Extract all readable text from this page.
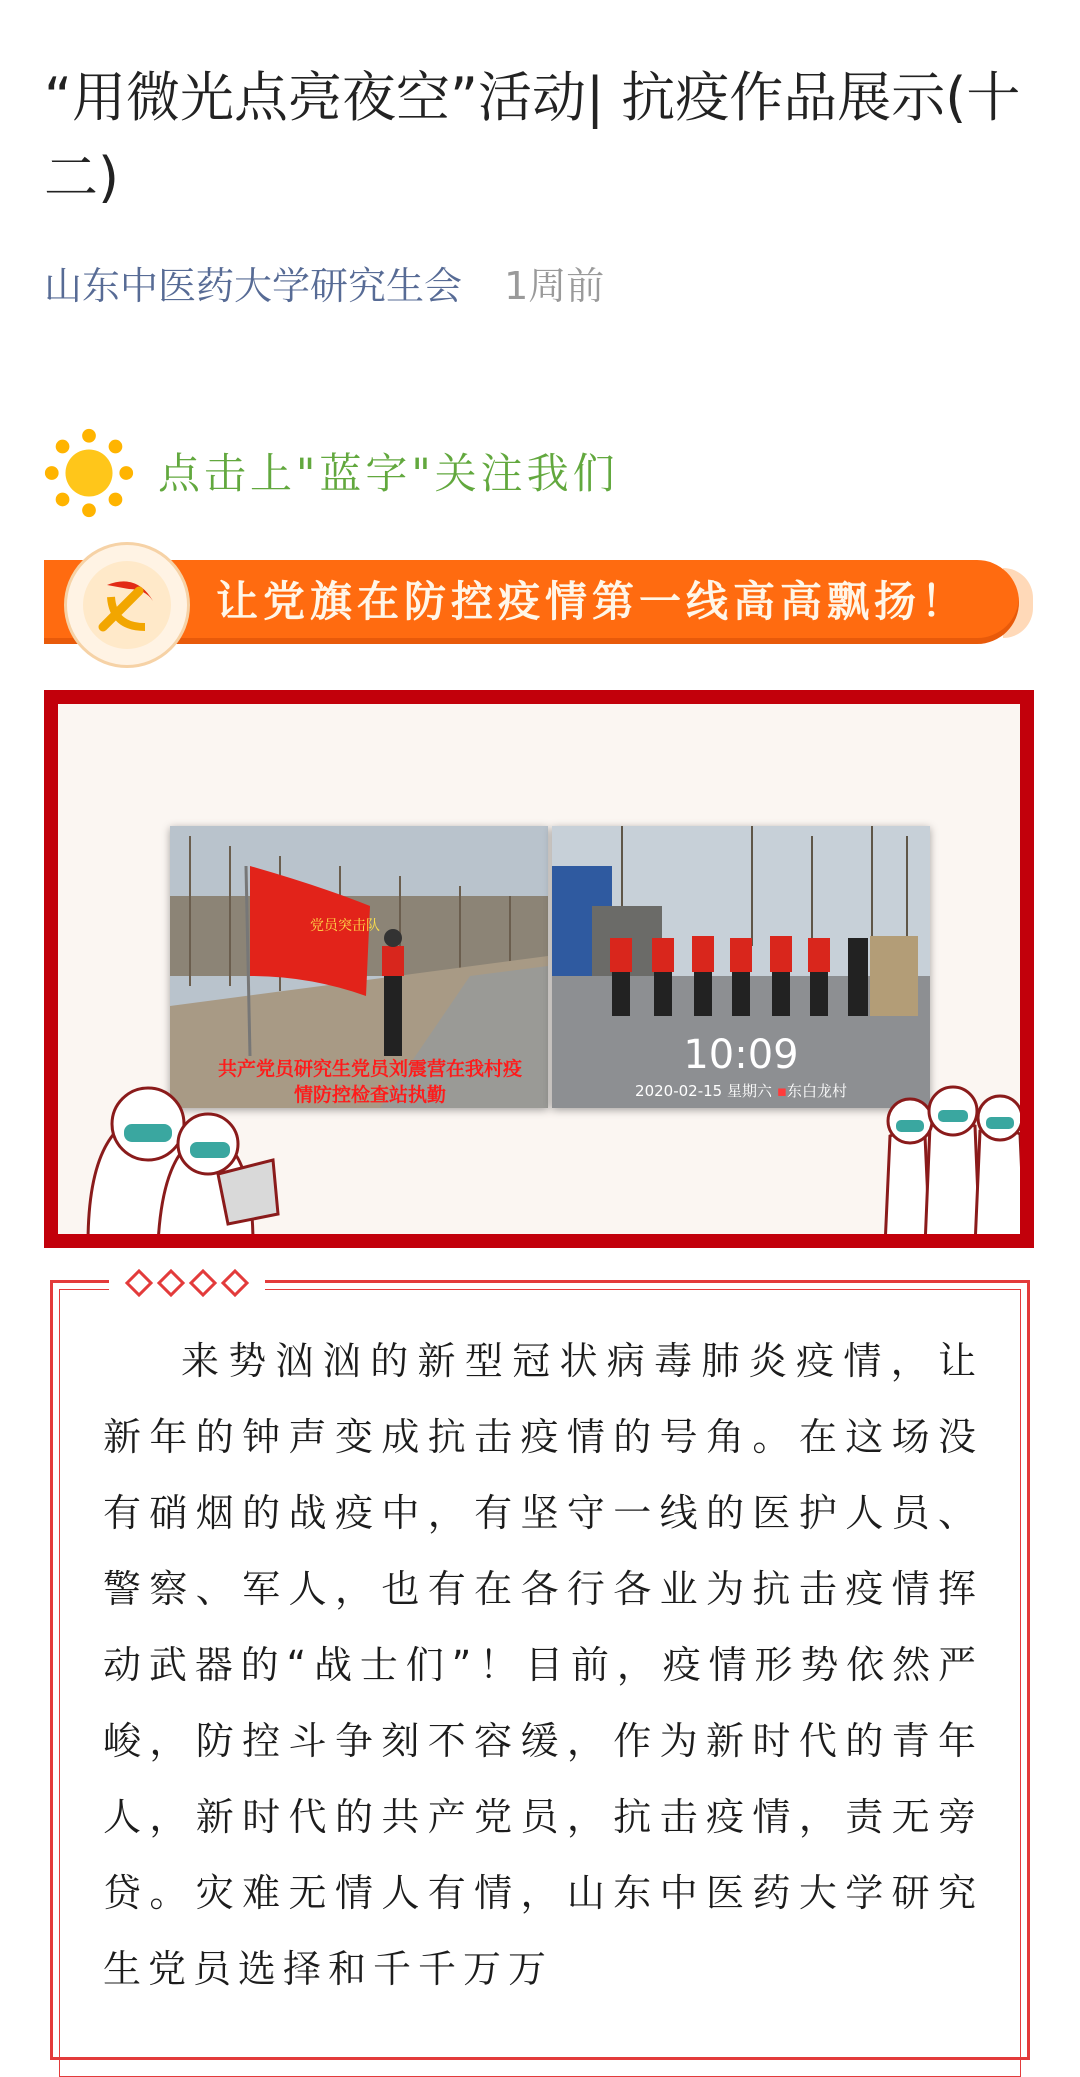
“用微光点亮夜空”活动| 抗疫作品展示(十二)
山东中医药大学研究生会 1周前
点击上"蓝字"关注我们
让党旗在防控疫情第一线高高飘扬！
党员突击队
共产党员研究生党员刘震营在我村疫情防控检查站执勤
10:09
2020-02-15 星期六 ▪东白龙村
来势汹汹的新型冠状病毒肺炎疫情，让新年的钟声变成抗击疫情的号角。在这场没有硝烟的战疫中，有坚守一线的医护人员、警察、军人，也有在各行各业为抗击疫情挥动武器的“战士们”！目前，疫情形势依然严峻，防控斗争刻不容缓，作为新时代的青年人，新时代的共产党员，抗击疫情，责无旁贷。灾难无情人有情，山东中医药大学研究生党员选择和千千万万
